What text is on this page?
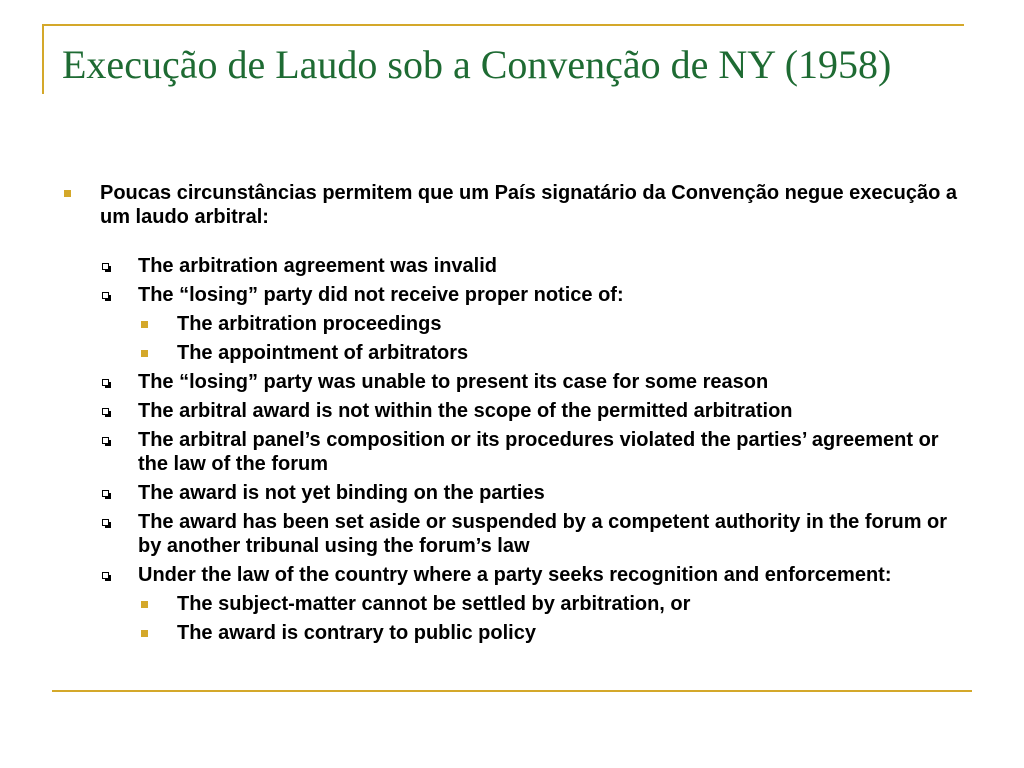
Execução de Laudo sob a Convenção de NY (1958)
Poucas circunstâncias permitem que um País signatário da Convenção negue execução a um laudo arbitral:
The arbitration agreement was invalid
The “losing” party did not receive proper notice of:
The arbitration proceedings
The appointment of arbitrators
The “losing” party was unable to present its case for some reason
The arbitral award is not within the scope of the permitted arbitration
The arbitral panel’s composition or its procedures violated the parties’ agreement or the law of the forum
The award is not yet binding on the parties
The award has been set aside or suspended by a competent authority in the forum or by another tribunal using the forum’s law
Under the law of the country where a party seeks recognition and enforcement:
The subject-matter cannot be settled by arbitration, or
The award is contrary to public policy
